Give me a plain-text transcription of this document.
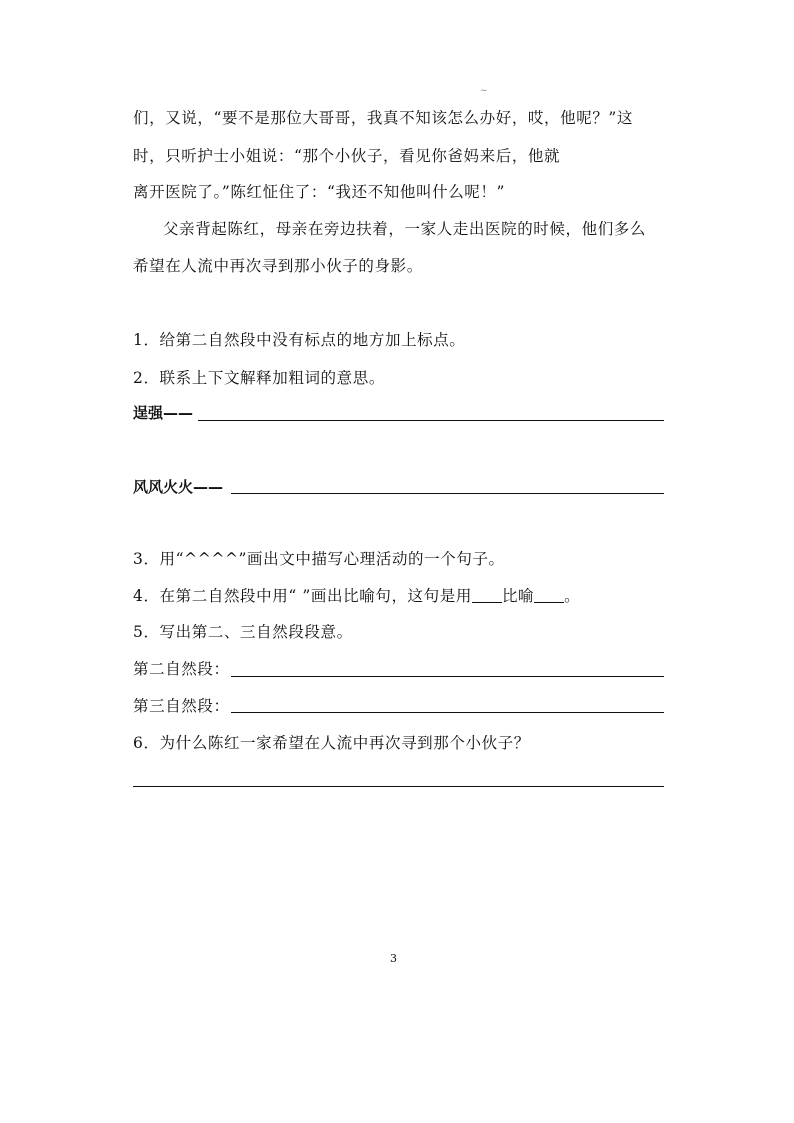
~
们，又说，“要不是那位大哥哥，我真不知该怎么办好，哎，他呢？”这
时，只听护士小姐说：“那个小伙子，看见你爸妈来后，他就
离开医院了。”陈红怔住了：“我还不知他叫什么呢！”
父亲背起陈红，母亲在旁边扶着，一家人走出医院的时候，他们多么
希望在人流中再次寻到那小伙子的身影。
1．给第二自然段中没有标点的地方加上标点。
2．联系上下文解释加粗词的意思。
逞强——
风风火火——
3．用“^^^^”画出文中描写心理活动的一个句子。
4．在第二自然段中用“ ”画出比喻句，这句是用 比喻 。
5．写出第二、三自然段段意。
第二自然段：
第三自然段：
6．为什么陈红一家希望在人流中再次寻到那个小伙子？
3
